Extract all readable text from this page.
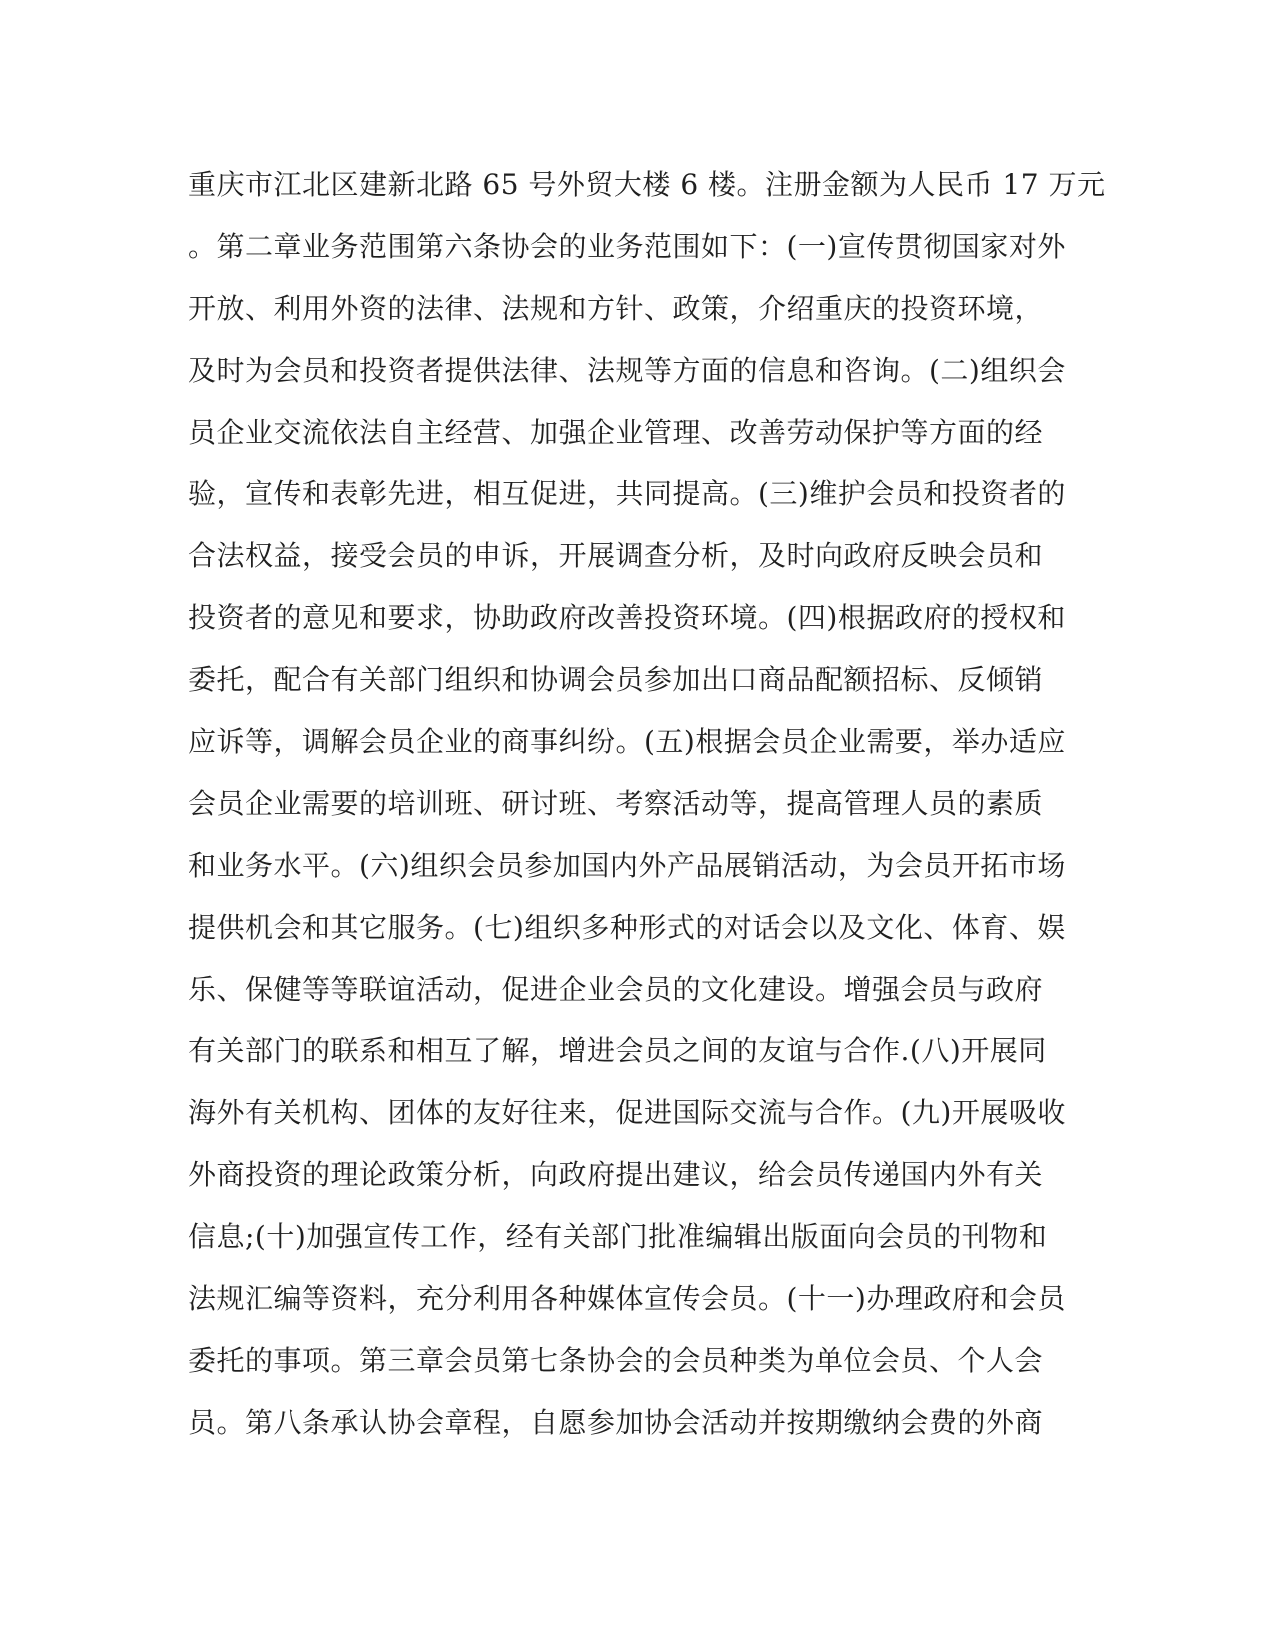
重庆市江北区建新北路 65 号外贸大楼 6 楼。注册金额为人民币 17 万元
。第二章业务范围第六条协会的业务范围如下：(一)宣传贯彻国家对外
开放、利用外资的法律、法规和方针、政策，介绍重庆的投资环境，
及时为会员和投资者提供法律、法规等方面的信息和咨询。(二)组织会
员企业交流依法自主经营、加强企业管理、改善劳动保护等方面的经
验，宣传和表彰先进，相互促进，共同提高。(三)维护会员和投资者的
合法权益，接受会员的申诉，开展调查分析，及时向政府反映会员和
投资者的意见和要求，协助政府改善投资环境。(四)根据政府的授权和
委托，配合有关部门组织和协调会员参加出口商品配额招标、反倾销
应诉等，调解会员企业的商事纠纷。(五)根据会员企业需要，举办适应
会员企业需要的培训班、研讨班、考察活动等，提高管理人员的素质
和业务水平。(六)组织会员参加国内外产品展销活动，为会员开拓市场
提供机会和其它服务。(七)组织多种形式的对话会以及文化、体育、娱
乐、保健等等联谊活动，促进企业会员的文化建设。增强会员与政府
有关部门的联系和相互了解，增进会员之间的友谊与合作.(八)开展同
海外有关机构、团体的友好往来，促进国际交流与合作。(九)开展吸收
外商投资的理论政策分析，向政府提出建议，给会员传递国内外有关
信息;(十)加强宣传工作，经有关部门批准编辑出版面向会员的刊物和
法规汇编等资料，充分利用各种媒体宣传会员。(十一)办理政府和会员
委托的事项。第三章会员第七条协会的会员种类为单位会员、个人会
员。第八条承认协会章程，自愿参加协会活动并按期缴纳会费的外商
